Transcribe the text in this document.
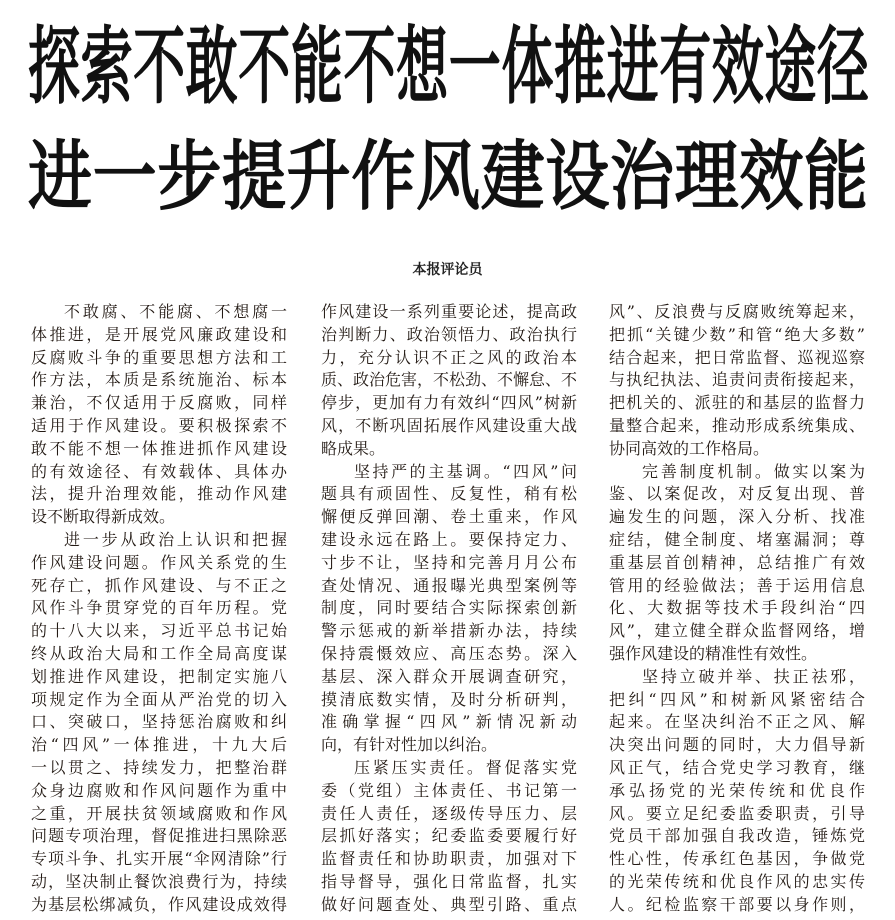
探索不敢不能不想一体推进有效途径
进一步提升作风建设治理效能
本报评论员
不敢腐、不能腐、不想腐一
体推进，是开展党风廉政建设和
反腐败斗争的重要思想方法和工
作方法，本质是系统施治、标本
兼治，不仅适用于反腐败，同样
适用于作风建设。要积极探索不
敢不能不想一体推进抓作风建设
的有效途径、有效载体、具体办
法，提升治理效能，推动作风建
设不断取得新成效。
进一步从政治上认识和把握
作风建设问题。作风关系党的生
死存亡，抓作风建设、与不正之
风作斗争贯穿党的百年历程。党
的十八大以来，习近平总书记始
终从政治大局和工作全局高度谋
划推进作风建设，把制定实施八
项规定作为全面从严治党的切入
口、突破口，坚持惩治腐败和纠
治“四风”一体推进，十九大后
一以贯之、持续发力，把整治群
众身边腐败和作风问题作为重中
之重，开展扶贫领域腐败和作风
问题专项治理，督促推进扫黑除恶
专项斗争、扎实开展“伞网清除”行
动，坚决制止餐饮浪费行为，持续
为基层松绑减负，作风建设成效得
作风建设一系列重要论述，提高政
治判断力、政治领悟力、政治执行
力，充分认识不正之风的政治本
质、政治危害，不松劲、不懈怠、不
停步，更加有力有效纠“四风”树新
风，不断巩固拓展作风建设重大战
略成果。
坚持严的主基调。“四风”问
题具有顽固性、反复性，稍有松
懈便反弹回潮、卷土重来，作风
建设永远在路上。要保持定力、
寸步不让，坚持和完善月月公布
查处情况、通报曝光典型案例等
制度，同时要结合实际探索创新
警示惩戒的新举措新办法，持续
保持震慑效应、高压态势。深入
基层、深入群众开展调查研究，
摸清底数实情，及时分析研判，
准确掌握“四风”新情况新动
向，有针对性加以纠治。
压紧压实责任。督促落实党
委（党组）主体责任、书记第一
责任人责任，逐级传导压力、层
层抓好落实；纪委监委要履行好
监督责任和协助职责，加强对下
指导督导，强化日常监督，扎实
做好问题查处、典型引路、重点
风”、反浪费与反腐败统筹起来，
把抓“关键少数”和管“绝大多数”
结合起来，把日常监督、巡视巡察
与执纪执法、追责问责衔接起来，
把机关的、派驻的和基层的监督力
量整合起来，推动形成系统集成、
协同高效的工作格局。
完善制度机制。做实以案为
鉴、以案促改，对反复出现、普
遍发生的问题，深入分析、找准
症结，健全制度、堵塞漏洞；尊
重基层首创精神，总结推广有效
管用的经验做法；善于运用信息
化、大数据等技术手段纠治“四
风”，建立健全群众监督网络，增
强作风建设的精准性有效性。
坚持立破并举、扶正祛邪，
把纠“四风”和树新风紧密结合
起来。在坚决纠治不正之风、解
决突出问题的同时，大力倡导新
风正气，结合党史学习教育，继
承弘扬党的光荣传统和优良作
风。要立足纪委监委职责，引导
党员干部加强自我改造，锤炼党
性心性，传承红色基因，争做党
的光荣传统和优良作风的忠实传
人。纪检监察干部要以身作则，
